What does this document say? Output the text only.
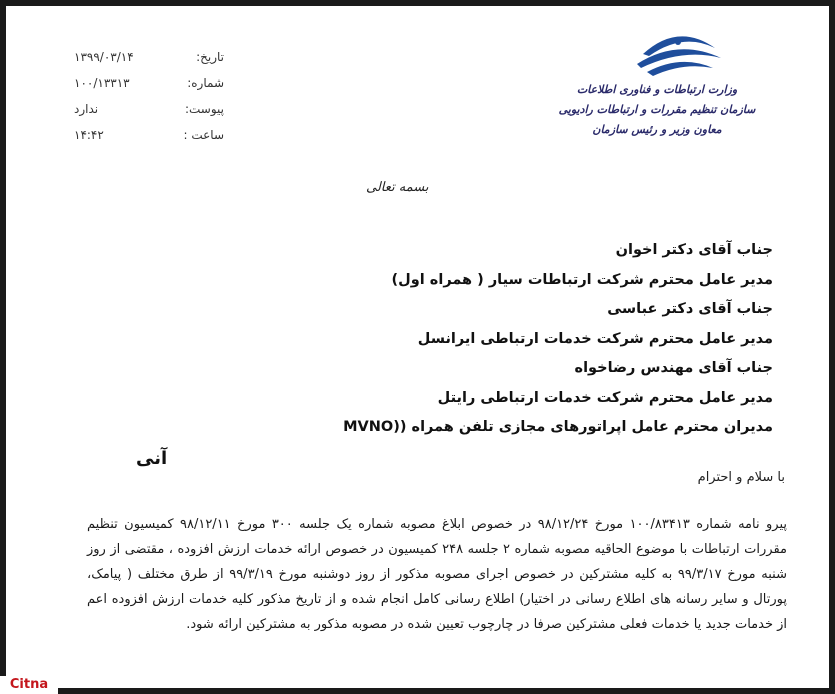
تاریخ:
۱۳۹۹/۰۳/۱۴
شماره:
۱۰۰/۱۳۳۱۳
پیوست:
ندارد
ساعت :
۱۴:۴۲
وزارت ارتباطات و فناوری اطلاعات
سازمان تنظیم مقررات و ارتباطات رادیویی
معاون وزیر و رئیس سازمان
بسمه تعالی
جناب آقای دکتر اخوان
مدیر عامل محترم شرکت ارتباطات سیار ( همراه اول)
جناب آقای دکتر عباسی
مدیر عامل محترم شرکت خدمات ارتباطی ایرانسل
جناب آقای مهندس رضاخواه
مدیر عامل محترم شرکت خدمات ارتباطی رایتل
مدیران محترم عامل اپراتورهای مجازی تلفن همراه ((MVNO
آنی
با سلام و احترام

پیرو نامه شماره ۱۰۰/۸۳۴۱۳ مورخ ۹۸/۱۲/۲۴ در خصوص ابلاغ مصوبه شماره یک جلسه ۳۰۰ مورخ ۹۸/۱۲/۱۱ کمیسیون تنظیم مقررات ارتباطات با موضوع الحاقیه مصوبه شماره ۲ جلسه ۲۴۸ کمیسیون در خصوص ارائه خدمات ارزش افزوده ، مقتضی از روز شنبه مورخ ۹۹/۳/۱۷ به کلیه مشترکین در خصوص اجرای مصوبه مذکور از روز دوشنبه مورخ ۹۹/۳/۱۹ از طرق مختلف ( پیامک، پورتال و سایر رسانه های اطلاع رسانی در اختیار) اطلاع رسانی کامل انجام شده و از تاریخ مذکور کلیه خدمات ارزش افزوده اعم از خدمات جدید یا خدمات فعلی مشترکین صرفا در چارچوب تعیین شده در مصوبه مذکور به مشترکین ارائه شود.

Citna
